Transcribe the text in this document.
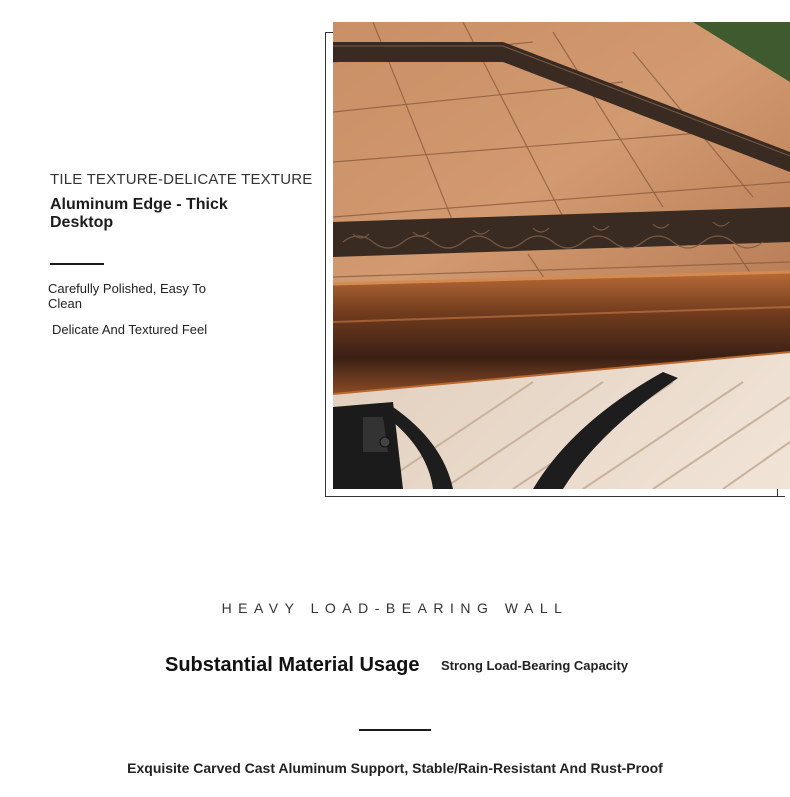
TILE TEXTURE-DELICATE TEXTURE
Aluminum Edge - Thick Desktop
Carefully Polished, Easy To Clean
Delicate And Textured Feel
HEAVY LOAD-BEARING WALL
Substantial Material Usage Strong Load-Bearing Capacity
Exquisite Carved Cast Aluminum Support, Stable/Rain-Resistant And Rust-Proof
